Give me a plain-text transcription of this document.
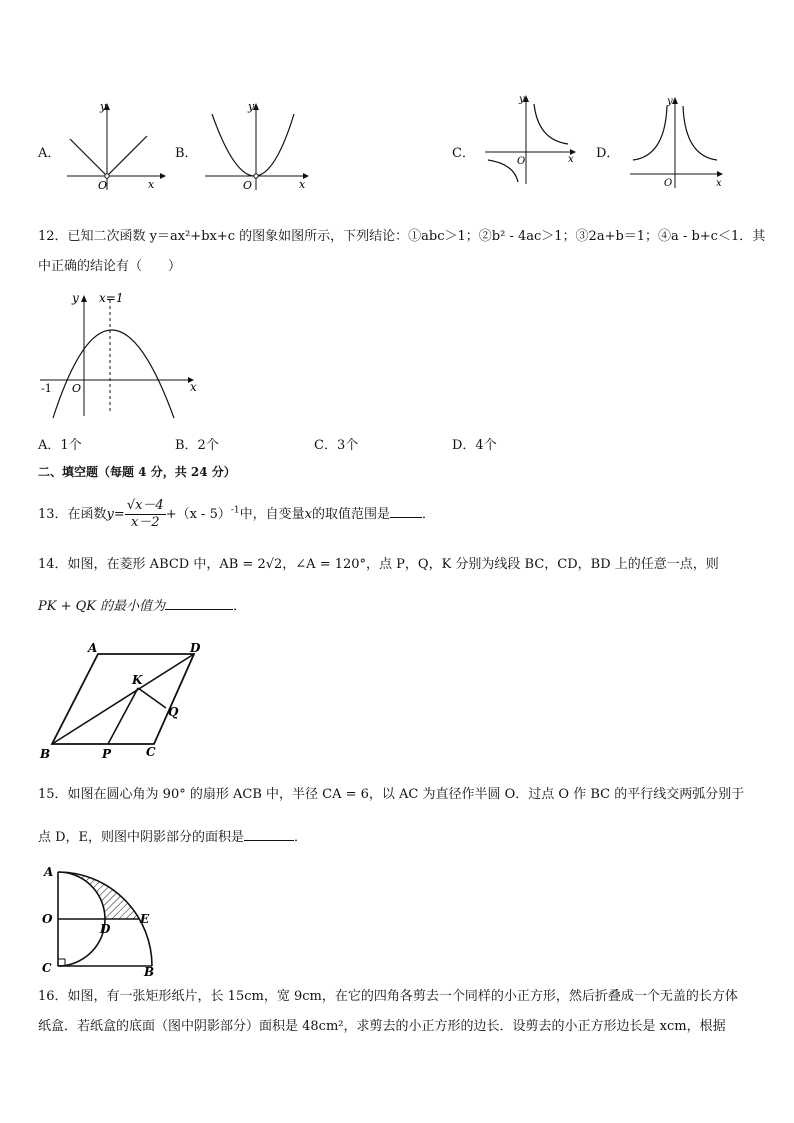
A．
O	x
y
B．
O	x
y
C．
O	x
y
D．
O	x
y
12．已知二次函数 y＝ax²+bx+c 的图象如图所示，下列结论：①abc＞1；②b² - 4ac＞1；③2a+b＝1；④a - b+c＜1．其
中正确的结论有（　　）
y x=1
-1 O	x
A．1个	B．2个	C．3个	D．4个
二、填空题（每题 4 分，共 24 分）
13．在函数$y= \frac{√x-4}{x-2} +(x - 5)^{-1}$中，自变量x的取值范围是 ．
14．如图，在菱形 ABCD 中，AB = 2√2，∠A = 120°，点 P，Q，K 分别为线段 BC，CD，BD 上的任意一点，则
PK + QK 的最小值为	．
A	D
B	C
K
P
Q
15．如图在圆心角为 90° 的扇形 ACB 中，半径 CA = 6，以 AC 为直径作半圆 O．过点 O 作 BC 的平行线交两弧分别于
点 D，E，则图中阴影部分的面积是	．
A
O
C
D
E
B
16．如图，有一张矩形纸片，长 15cm，宽 9cm，在它的四角各剪去一个同样的小正方形，然后折叠成一个无盖的长方体
纸盒．若纸盒的底面（图中阴影部分）面积是 48cm²，求剪去的小正方形的边长．设剪去的小正方形边长是 xcm，根据
